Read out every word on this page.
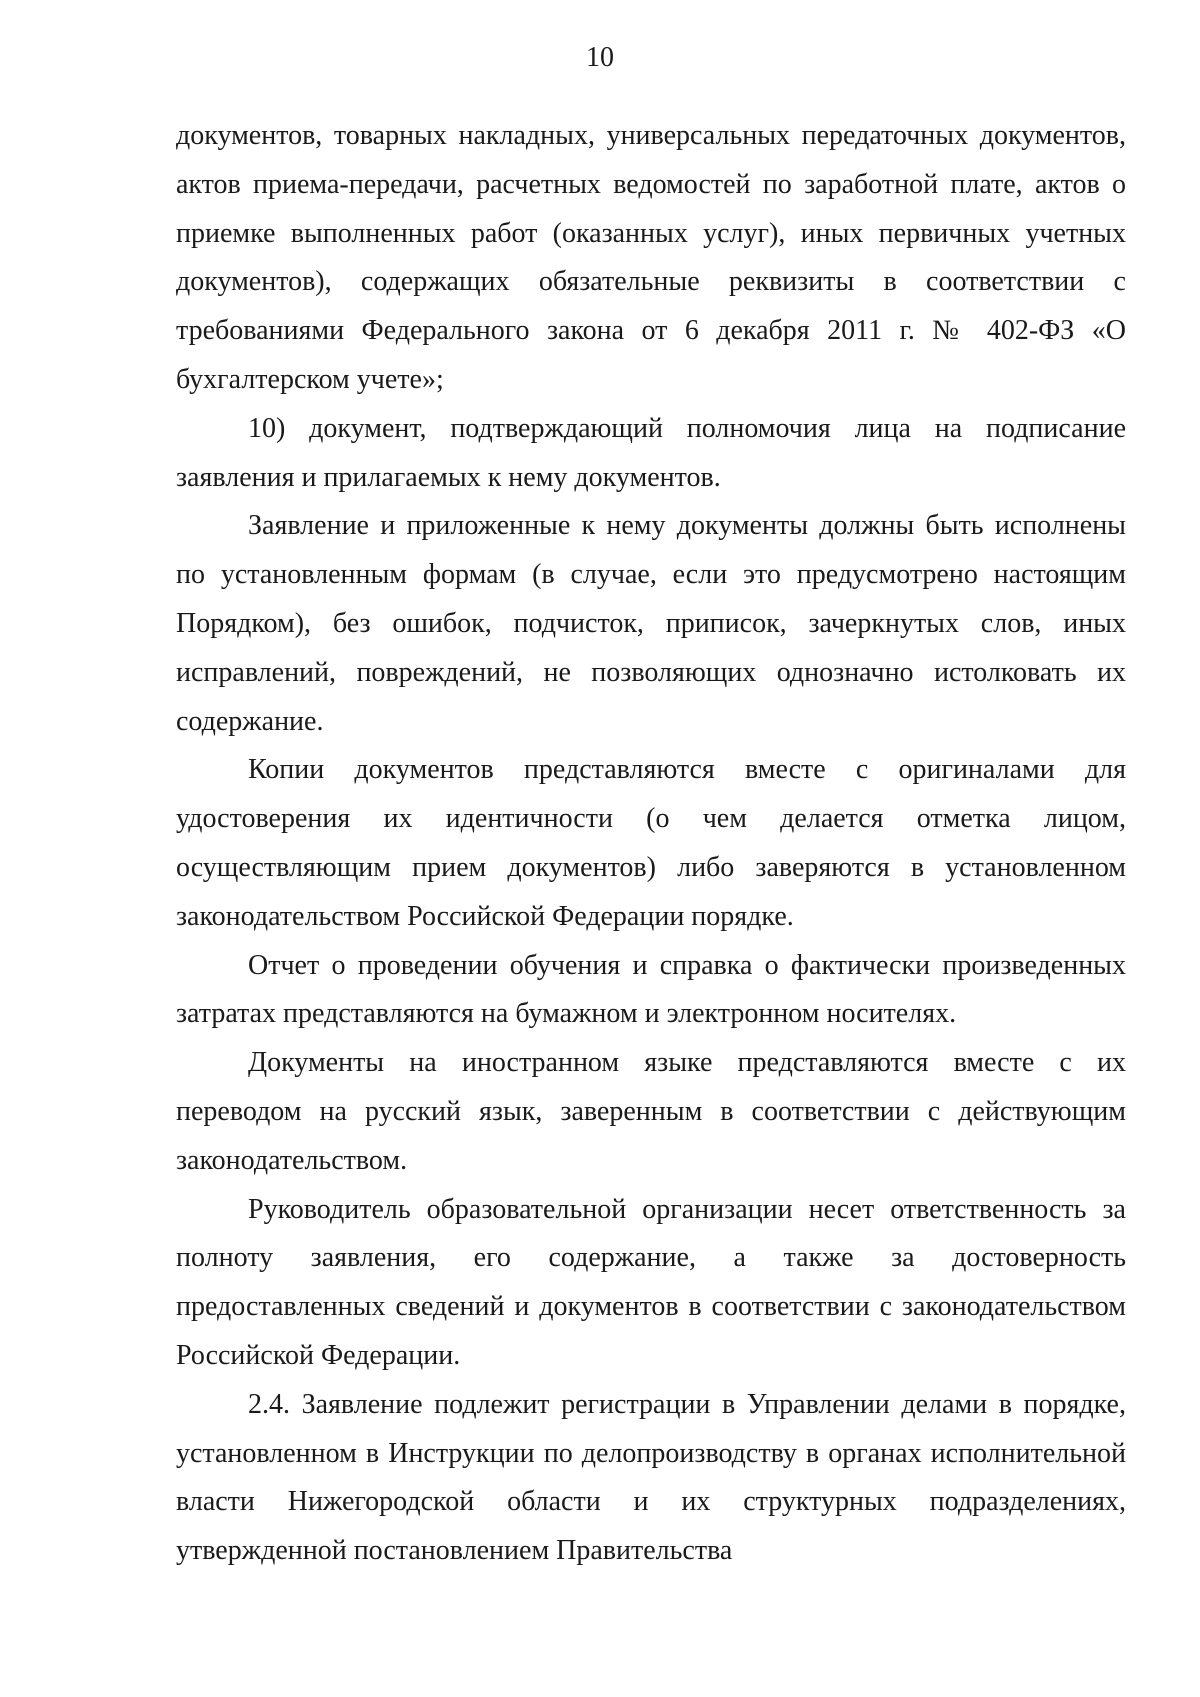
10

документов, товарных накладных, универсальных передаточных документов, актов приема-передачи, расчетных ведомостей по заработной плате, актов о приемке выполненных работ (оказанных услуг), иных первичных учетных документов), содержащих обязательные реквизиты в соответствии с требованиями Федерального закона от 6 декабря 2011 г. № 402-ФЗ «О бухгалтерском учете»;

10) документ, подтверждающий полномочия лица на подписание заявления и прилагаемых к нему документов.

Заявление и приложенные к нему документы должны быть исполнены по установленным формам (в случае, если это предусмотрено настоящим Порядком), без ошибок, подчисток, приписок, зачеркнутых слов, иных исправлений, повреждений, не позволяющих однозначно истолковать их содержание.

Копии документов представляются вместе с оригиналами для удостоверения их идентичности (о чем делается отметка лицом, осуществляющим прием документов) либо заверяются в установленном законодательством Российской Федерации порядке.

Отчет о проведении обучения и справка о фактически произведенных затратах представляются на бумажном и электронном носителях.

Документы на иностранном языке представляются вместе с их переводом на русский язык, заверенным в соответствии с действующим законодательством.

Руководитель образовательной организации несет ответственность за полноту заявления, его содержание, а также за достоверность предоставленных сведений и документов в соответствии с законодательством Российской Федерации.

2.4. Заявление подлежит регистрации в Управлении делами в порядке, установленном в Инструкции по делопроизводству в органах исполнительной власти Нижегородской области и их структурных подразделениях, утвержденной постановлением Правительства
